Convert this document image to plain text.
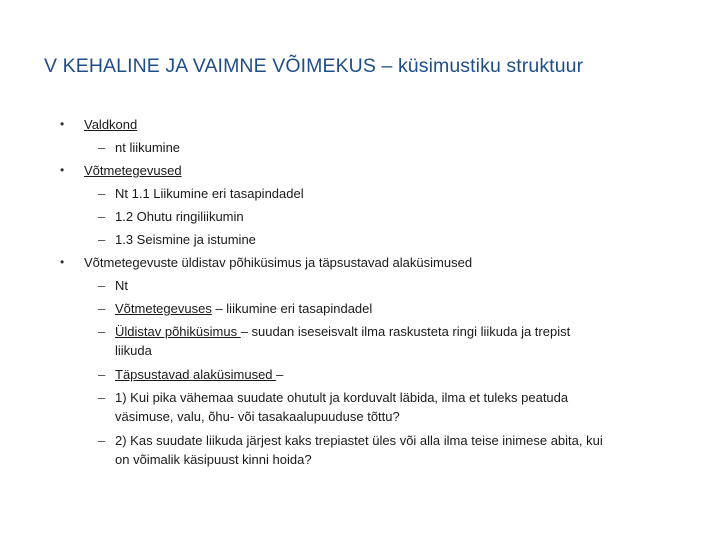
V KEHALINE JA VAIMNE VÕIMEKUS – küsimustiku struktuur
• Valdkond
– nt liikumine
• Võtmetegevused
– Nt 1.1 Liikumine eri tasapindadel
– 1.2 Ohutu ringiliikumin
– 1.3 Seismine ja istumine
• Võtmetegevuste üldistav põhiküsimus ja täpsustavad alaküsimused
– Nt
– Võtmetegevuses – liikumine eri tasapindadel
– Üldistav põhiküsimus – suudan iseseisvalt ilma raskusteta ringi liikuda ja trepist
liikuda
– Täpsustavad alaküsimused –
– 1) Kui pika vähemaa suudate ohutult ja korduvalt läbida, ilma et tuleks peatuda
väsimuse, valu, õhu- või tasakaalupuuduse tõttu?
– 2) Kas suudate liikuda järjest kaks trepiastet üles või alla ilma teise inimese abita, kui
on võimalik käsipuust kinni hoida?
